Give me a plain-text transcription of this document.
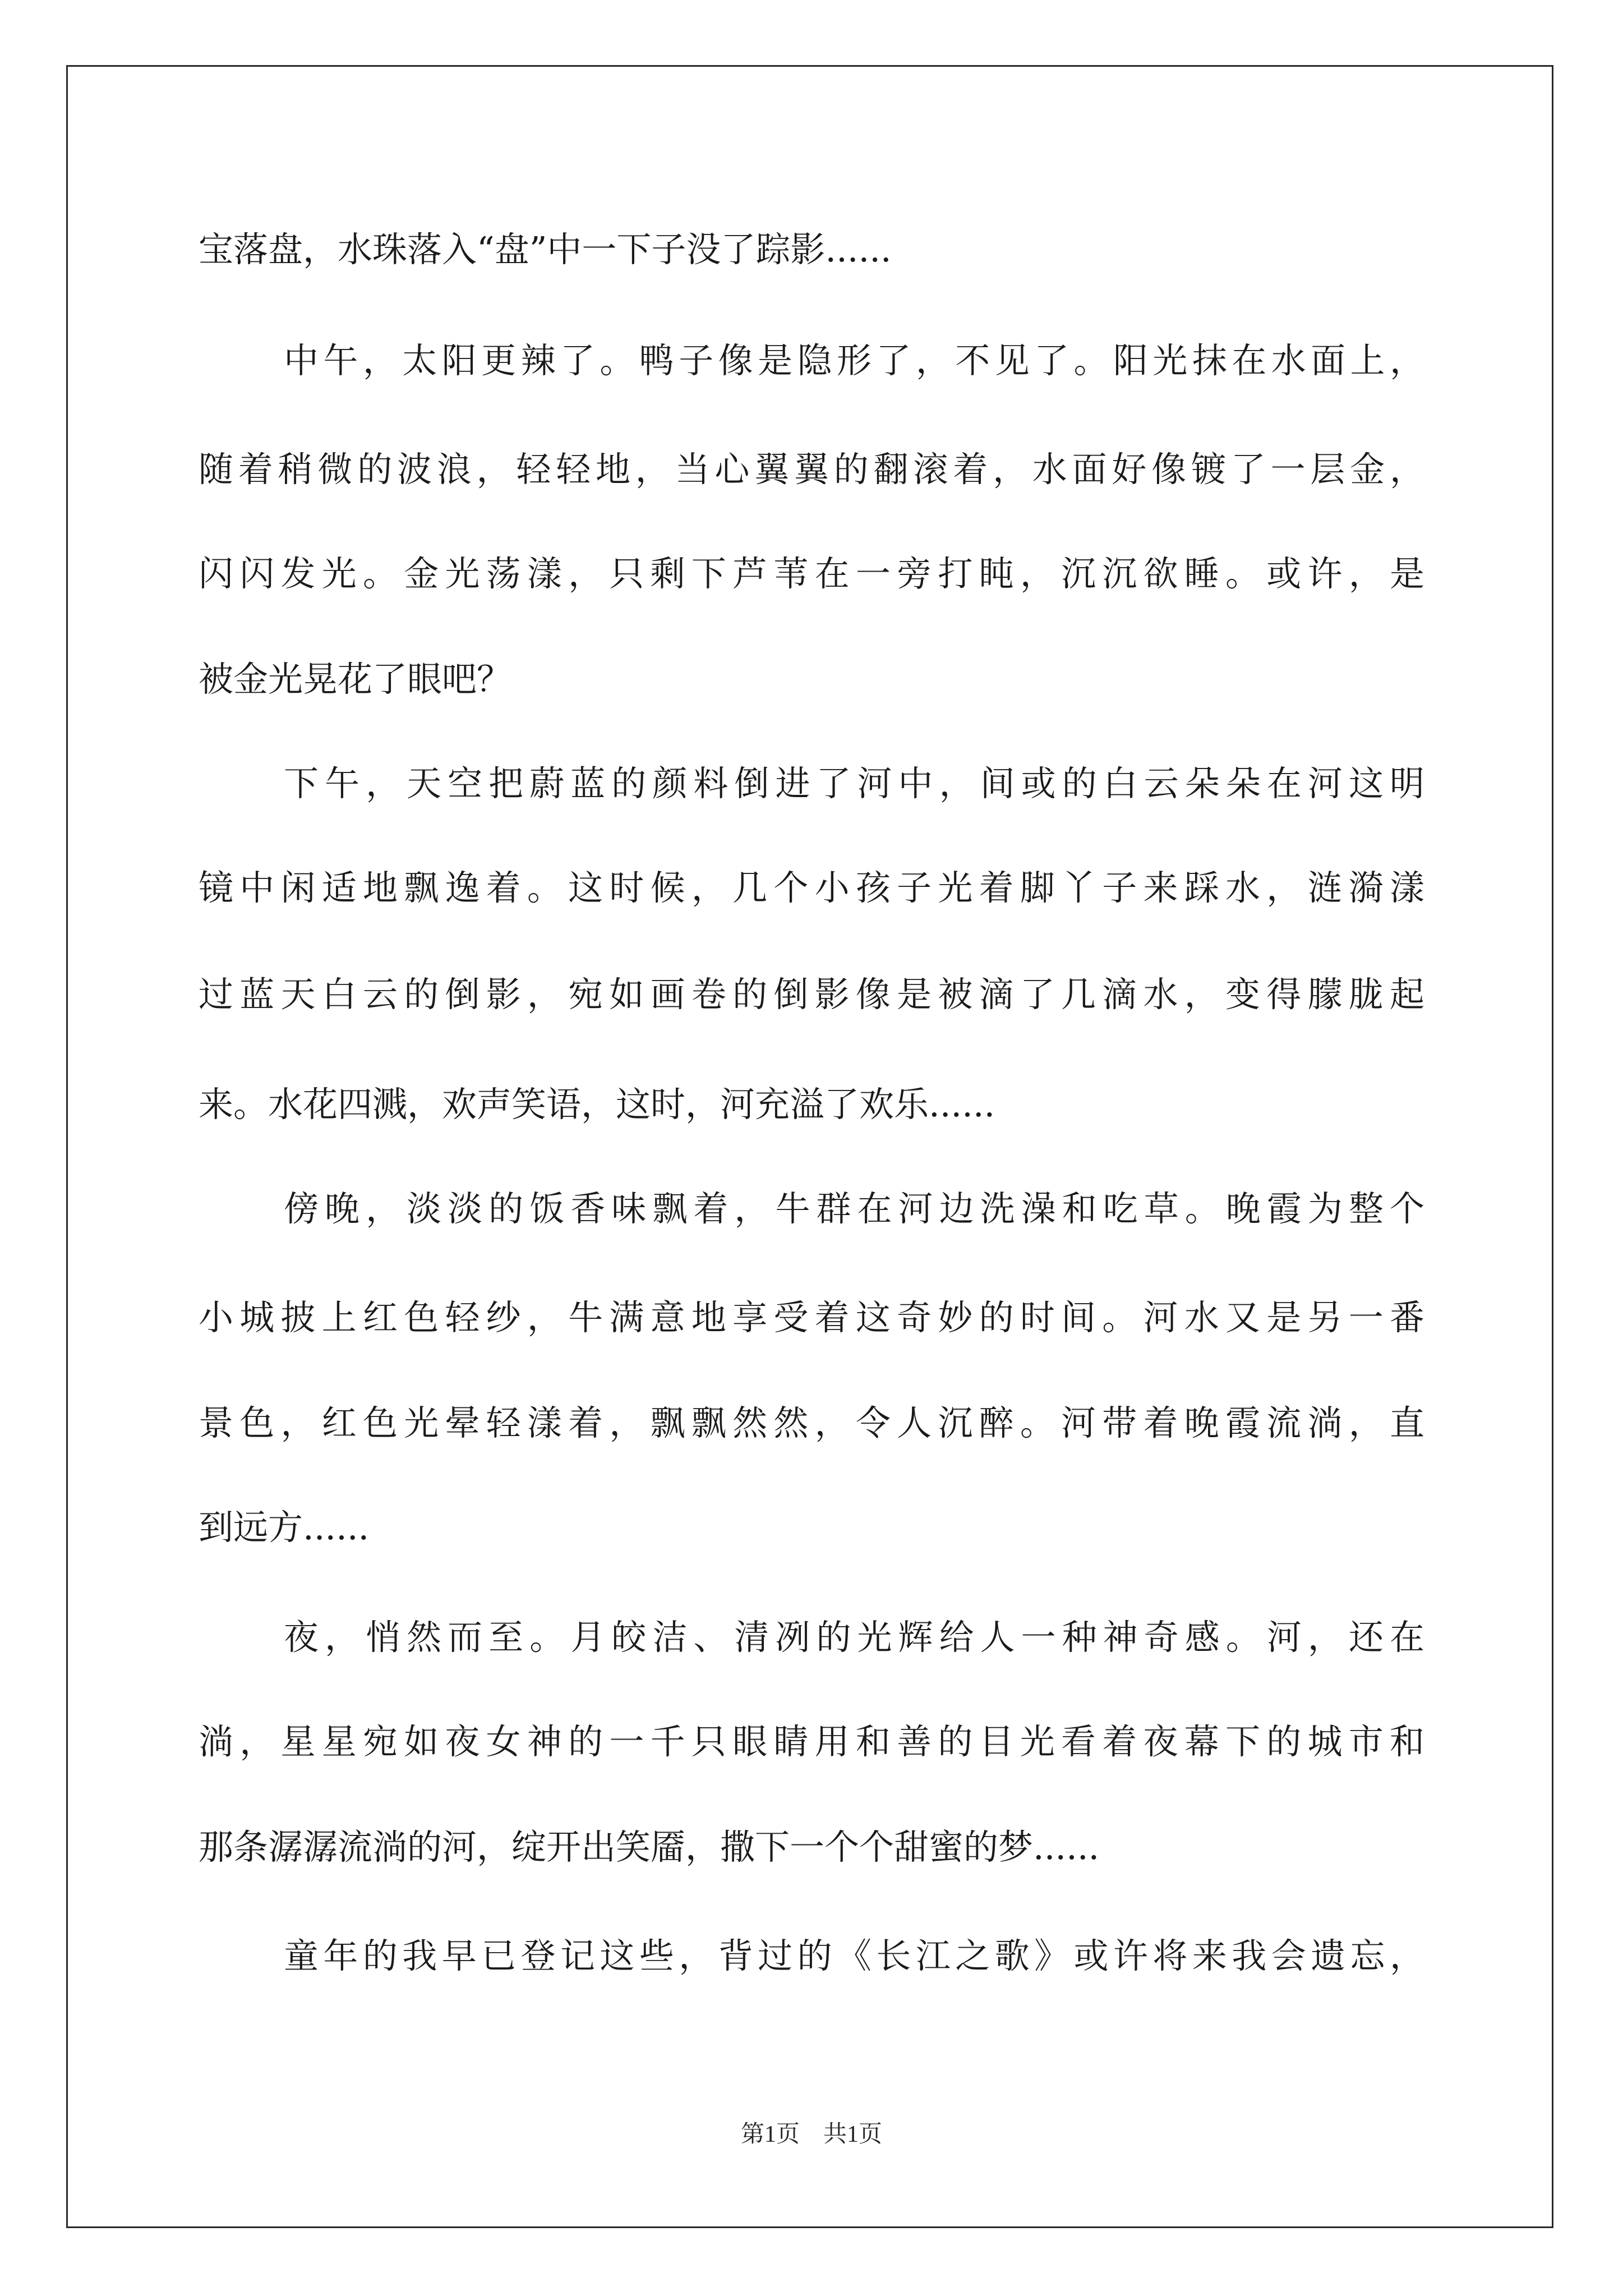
宝落盘，水珠落入“盘”中一下子没了踪影......
中午，太阳更辣了。鸭子像是隐形了，不见了。阳光抹在水面上，
随着稍微的波浪，轻轻地，当心翼翼的翻滚着，水面好像镀了一层金，
闪闪发光。金光荡漾，只剩下芦苇在一旁打盹，沉沉欲睡。或许，是
被金光晃花了眼吧？
下午，天空把蔚蓝的颜料倒进了河中，间或的白云朵朵在河这明
镜中闲适地飘逸着。这时候，几个小孩子光着脚丫子来踩水，涟漪漾
过蓝天白云的倒影，宛如画卷的倒影像是被滴了几滴水，变得朦胧起
来。水花四溅，欢声笑语，这时，河充溢了欢乐......
傍晚，淡淡的饭香味飘着，牛群在河边洗澡和吃草。晚霞为整个
小城披上红色轻纱，牛满意地享受着这奇妙的时间。河水又是另一番
景色，红色光晕轻漾着，飘飘然然，令人沉醉。河带着晚霞流淌，直
到远方......
夜，悄然而至。月皎洁、清冽的光辉给人一种神奇感。河，还在
淌，星星宛如夜女神的一千只眼睛用和善的目光看着夜幕下的城市和
那条潺潺流淌的河，绽开出笑靥，撒下一个个甜蜜的梦......
童年的我早已登记这些，背过的《长江之歌》或许将来我会遗忘，
第1页　共1页
